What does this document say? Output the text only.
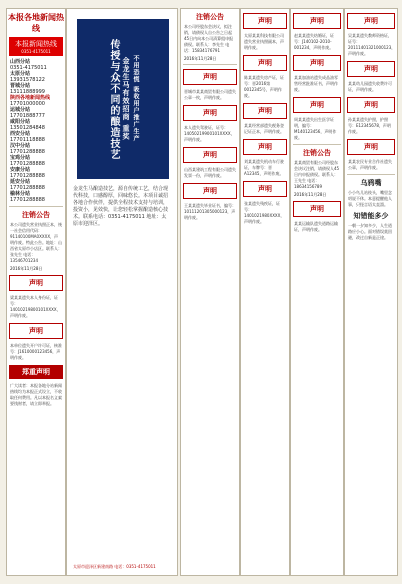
本报各地新闻热线
本报新闻热线
0351-4175011
山西分站
0351-4175011
太原分站
13931578122
晋城分站
13111888999
陕西各地新闻热线
17701000000
运城分站
17701888777
咸阳分站
13501284848
西安分站
17701118888
汉中分站
17701288888
宝鸡分站
17701288888
安康分站
17701288888
延安分站
17701288888
榆林分站
17701288888
注销公告
本公司遗失营业执照正本，统一社会信用代码：91140100MA0XXXX，声明作废。特此公告。地址：山西省太原市小店区。联系人：张先生 电话：13546701234
2016年11月28日
声明
梁某某遗失本人身份证，证号：14010219800101XXXX，声明作废。
声明
本单位遗失开户许可证，核准号：J1610000123456，声明作废。
郑重声明
广大读者：本报各地分站新闻热线均为本报正式设立，不收取任何费用。凡以本报名义索要钱财者，请立即举报。
传授与众不同的酿造技艺 金龙生马有效招商 重奖 不用恐慌 吸收用户推广生产
金龙生马酿造技艺，源自传统工艺，结合现代科技，口感醇厚，回味悠长。本项目诚招各地合作伙伴，提供全程技术支持与培训，投资小，见效快，让您轻松掌握酿造核心技术。联系电话：0351-4175011 地址：太原市迎泽区。
太原市迎泽区新建南路 电话：0351-4175011
注销公告
本公司经股东会决议，拟注销，请债权人自公告之日起45日内向本公司清算组申报债权。联系人：李先生 电话：15834176791
2016年11月28日
声明
晋城市某某商贸有限公司遗失公章一枚，声明作废。
声明
本人遗失驾驶证，证号：14050219900101XXXX，声明作废。
声明
山西某建筑工程有限公司遗失发票一份，声明作废。
声明
王某某遗失毕业证书，编号：10111201305000123，声明作废。
声明
太原某某科技有限公司遗失营业执照副本，声明作废。
声明
陈某某遗失房产证，证号：晋2016第0012345号，声明作废。
声明
某某经营部遗失税务登记证正本，声明作废。
声明
刘某某遗失机动车行驶证，车牌号：晋A12345，声明作废。
声明
张某遗失残疾证，证号：1401021980XXXX，声明作废。
声明
赵某某遗失结婚证，证号：J140102-2010-001234，声明作废。
声明
某某加油站遗失成品油零售经营批准证书，声明作废。
声明
周某某遗失出生医学证明，编号：M140123456，声明作废。
注销公告
某某商贸有限公司经股东会决议注销，请债权人45日内申报债权。联系人：王先生 电话：18634156789
2016年11月28日
声明
某某运输队遗失道路运输证，声明作废。
声明
吴某某遗失教师资格证，证号：20111401321000123，声明作废。
声明
某某幼儿园遗失收费许可证，声明作废。
声明
孙某某遗失护照，护照号：E12345678，声明作废。
声明
某某农民专业合作社遗失公章，声明作废。
乌鸦嘴
小小鸟儿站枝头，嘴里念叨说不休。本意提醒他人事，只怪言语太直溜。
知错能多少
一朝一夕知多少，人生道路应小心。面对错误莫回避，改过自新是正途。
